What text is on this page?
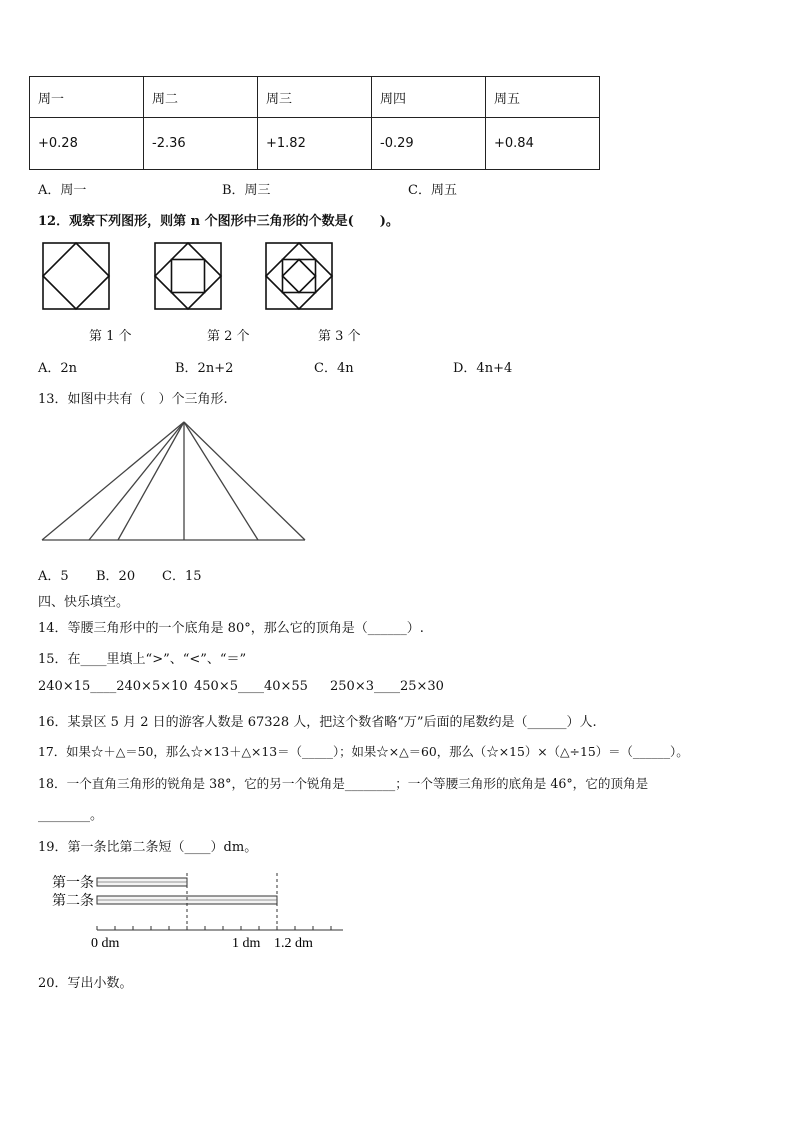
周一	周二	周三	周四	周五
+0.28	-2.36	+1.82	-0.29	+0.84
A．周一	B．周三	C．周五
12．观察下列图形，则第 n 个图形中三角形的个数是(　　)。
第 1 个	第 2 个	第 3 个
A．2n	B．2n+2	C．4n	D．4n+4
13．如图中共有（　）个三角形.
A．5 B．20 C．15
四、快乐填空。
14．等腰三角形中的一个底角是 80°，那么它的顶角是（______）.
15．在____里填上“>”、“<”、“＝”
240×15____240×5×10 450×5____40×55 250×3____25×30
16．某景区 5 月 2 日的游客人数是 67328 人，把这个数省略“万”后面的尾数约是（______）人.
17．如果☆＋△＝50，那么☆×13＋△×13＝（_____）；如果☆×△＝60，那么（☆×15）×（△÷15）＝（______）。
18．一个直角三角形的锐角是 38°，它的另一个锐角是________；一个等腰三角形的底角是 46°，它的顶角是
________。
19．第一条比第二条短（____）dm。
第一条
第二条
0 dm	1 dm 1.2 dm
20．写出小数。
